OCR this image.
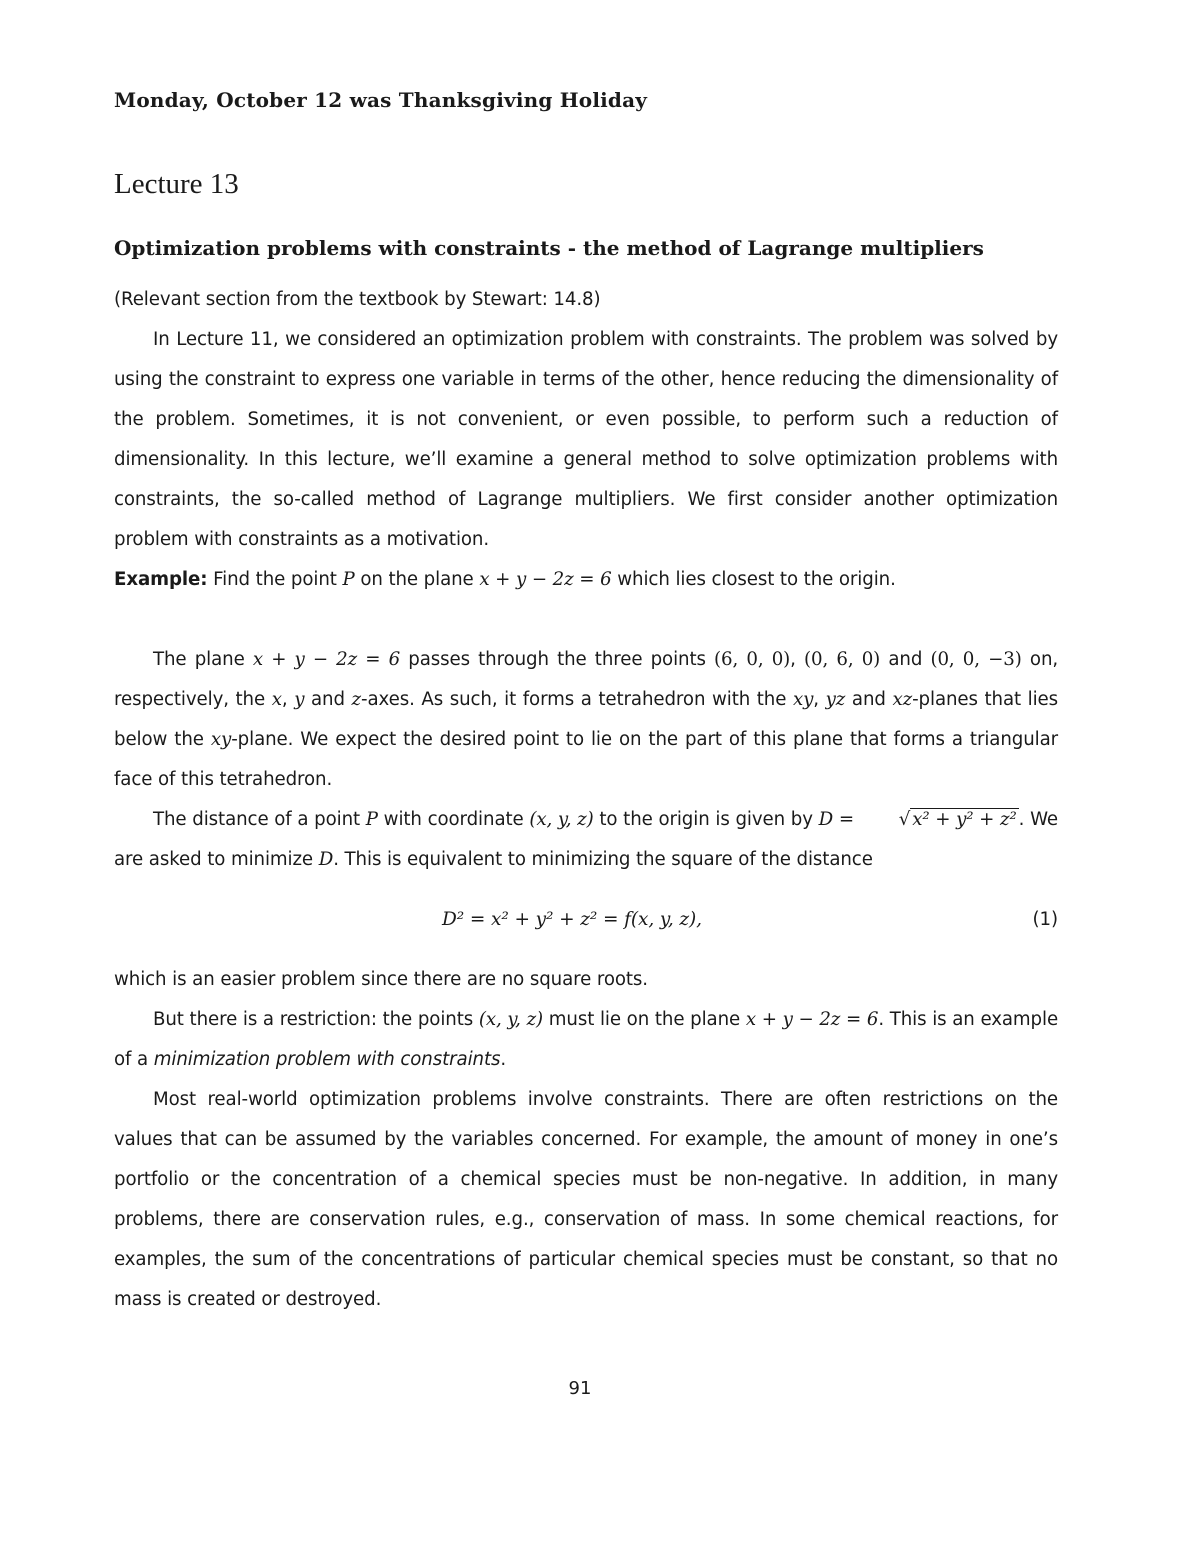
Monday, October 12 was Thanksgiving Holiday
Lecture 13
Optimization problems with constraints - the method of Lagrange multipliers

(Relevant section from the textbook by Stewart: 14.8)

In Lecture 11, we considered an optimization problem with constraints. The problem was solved by using the constraint to express one variable in terms of the other, hence reducing the dimensionality of the problem. Sometimes, it is not convenient, or even possible, to perform such a reduction of dimensionality. In this lecture, we’ll examine a general method to solve optimization problems with constraints, the so-called method of Lagrange multipliers. We first consider another optimization problem with constraints as a motivation.

Example: Find the point P on the plane x + y − 2z = 6 which lies closest to the origin.

The plane x + y − 2z = 6 passes through the three points (6, 0, 0), (0, 6, 0) and (0, 0, −3) on, respectively, the x, y and z-axes. As such, it forms a tetrahedron with the xy, yz and xz-planes that lies below the xy-plane. We expect the desired point to lie on the part of this plane that forms a triangular face of this tetrahedron.

The distance of a point P with coordinate (x, y, z) to the origin is given by D = √ x² + y² + z² . We are asked to minimize D. This is equivalent to minimizing the square of the distance

D² = x² + y² + z² = f(x, y, z),	(1)

which is an easier problem since there are no square roots.

But there is a restriction: the points (x, y, z) must lie on the plane x + y − 2z = 6. This is an example of a minimization problem with constraints.

Most real-world optimization problems involve constraints. There are often restrictions on the values that can be assumed by the variables concerned. For example, the amount of money in one’s portfolio or the concentration of a chemical species must be non-negative. In addition, in many problems, there are conservation rules, e.g., conservation of mass. In some chemical reactions, for examples, the sum of the concentrations of particular chemical species must be constant, so that no mass is created or destroyed.

91
